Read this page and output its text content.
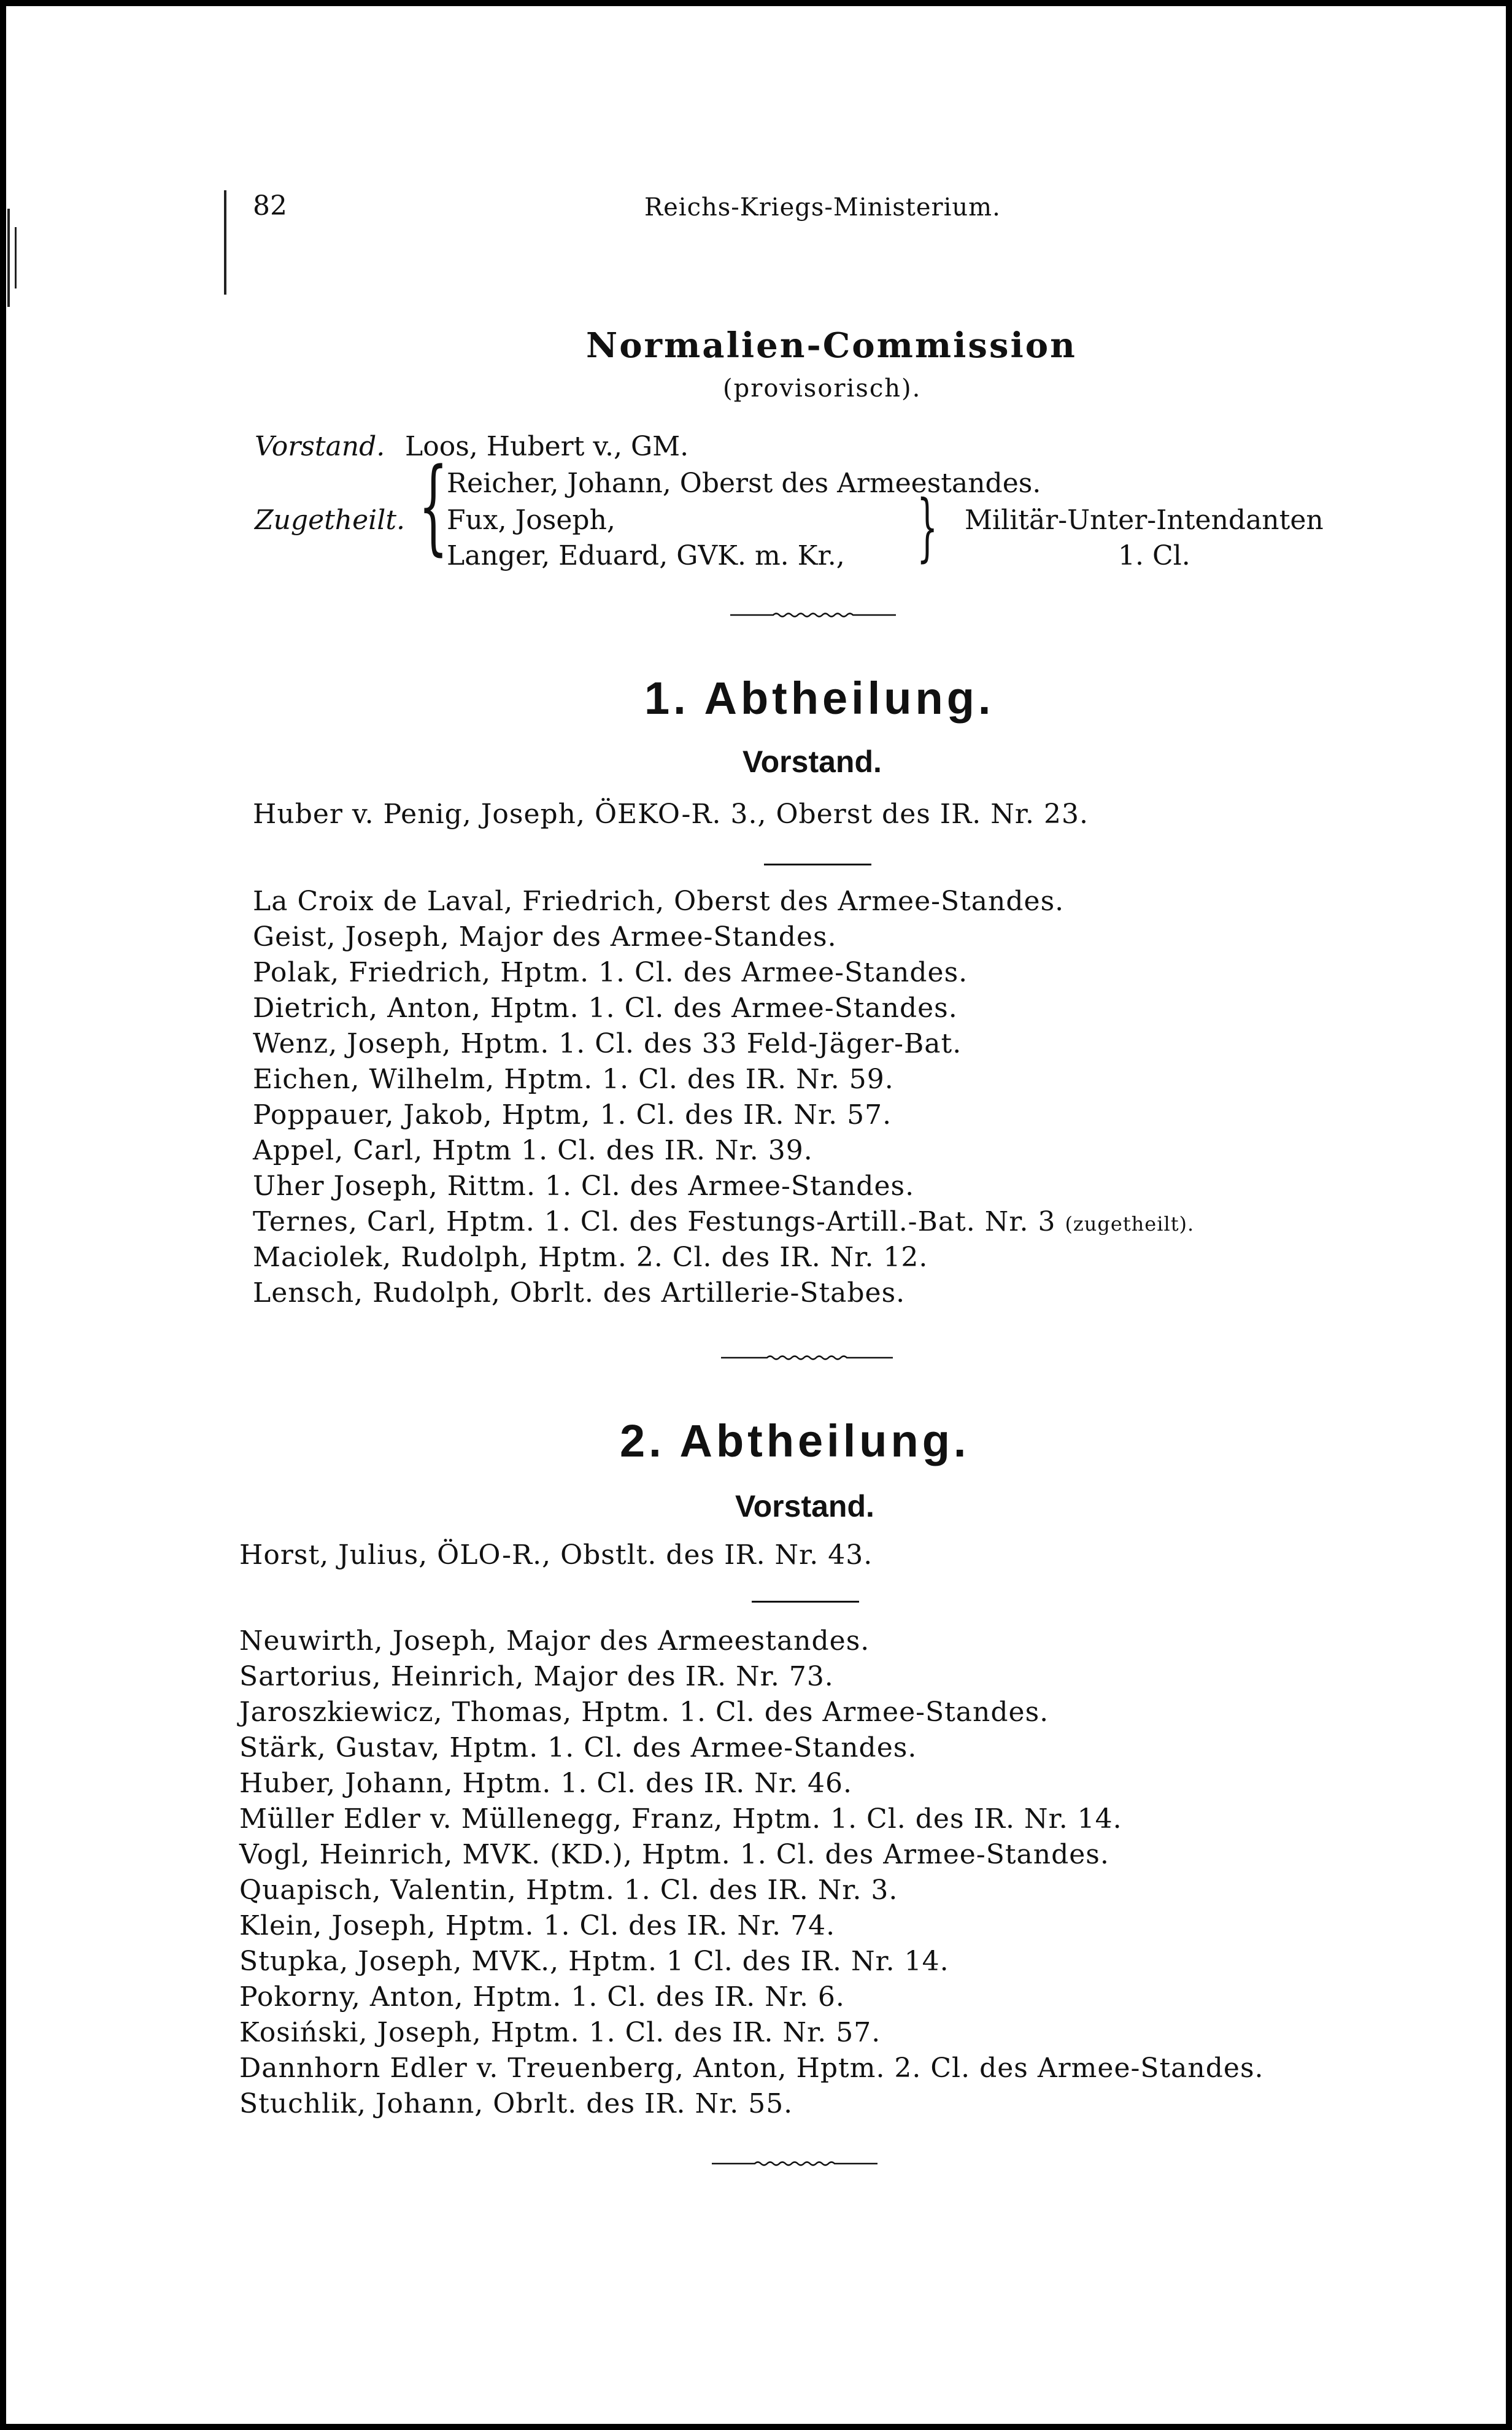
82	Reichs-Kriegs-Ministerium.
Normalien-Commission
(provisorisch).
Vorstand. Loos, Hubert v., GM.
Zugetheilt. {
Reicher, Johann, Oberst des Armeestandes.
Fux, Joseph,
Langer, Eduard, GVK. m. Kr., } Militär-Unter-Intendanten
1. Cl.
1. Abtheilung.
Vorstand.
Huber v. Penig, Joseph, ÖEKO-R. 3., Oberst des IR. Nr. 23.
La Croix de Laval, Friedrich, Oberst des Armee-Standes.
Geist, Joseph, Major des Armee-Standes.
Polak, Friedrich, Hptm. 1. Cl. des Armee-Standes.
Dietrich, Anton, Hptm. 1. Cl. des Armee-Standes.
Wenz, Joseph, Hptm. 1. Cl. des 33 Feld-Jäger-Bat.
Eichen, Wilhelm, Hptm. 1. Cl. des IR. Nr. 59.
Poppauer, Jakob, Hptm, 1. Cl. des IR. Nr. 57.
Appel, Carl, Hptm 1. Cl. des IR. Nr. 39.
Uher Joseph, Rittm. 1. Cl. des Armee-Standes.
Ternes, Carl, Hptm. 1. Cl. des Festungs-Artill.-Bat. Nr. 3 (zugetheilt).
Maciolek, Rudolph, Hptm. 2. Cl. des IR. Nr. 12.
Lensch, Rudolph, Obrlt. des Artillerie-Stabes.
2. Abtheilung.
Vorstand.
Horst, Julius, ÖLO-R., Obstlt. des IR. Nr. 43.
Neuwirth, Joseph, Major des Armeestandes.
Sartorius, Heinrich, Major des IR. Nr. 73.
Jaroszkiewicz, Thomas, Hptm. 1. Cl. des Armee-Standes.
Stärk, Gustav, Hptm. 1. Cl. des Armee-Standes.
Huber, Johann, Hptm. 1. Cl. des IR. Nr. 46.
Müller Edler v. Müllenegg, Franz, Hptm. 1. Cl. des IR. Nr. 14.
Vogl, Heinrich, MVK. (KD.), Hptm. 1. Cl. des Armee-Standes.
Quapisch, Valentin, Hptm. 1. Cl. des IR. Nr. 3.
Klein, Joseph, Hptm. 1. Cl. des IR. Nr. 74.
Stupka, Joseph, MVK., Hptm. 1 Cl. des IR. Nr. 14.
Pokorny, Anton, Hptm. 1. Cl. des IR. Nr. 6.
Kosiński, Joseph, Hptm. 1. Cl. des IR. Nr. 57.
Dannhorn Edler v. Treuenberg, Anton, Hptm. 2. Cl. des Armee-Standes.
Stuchlik, Johann, Obrlt. des IR. Nr. 55.
